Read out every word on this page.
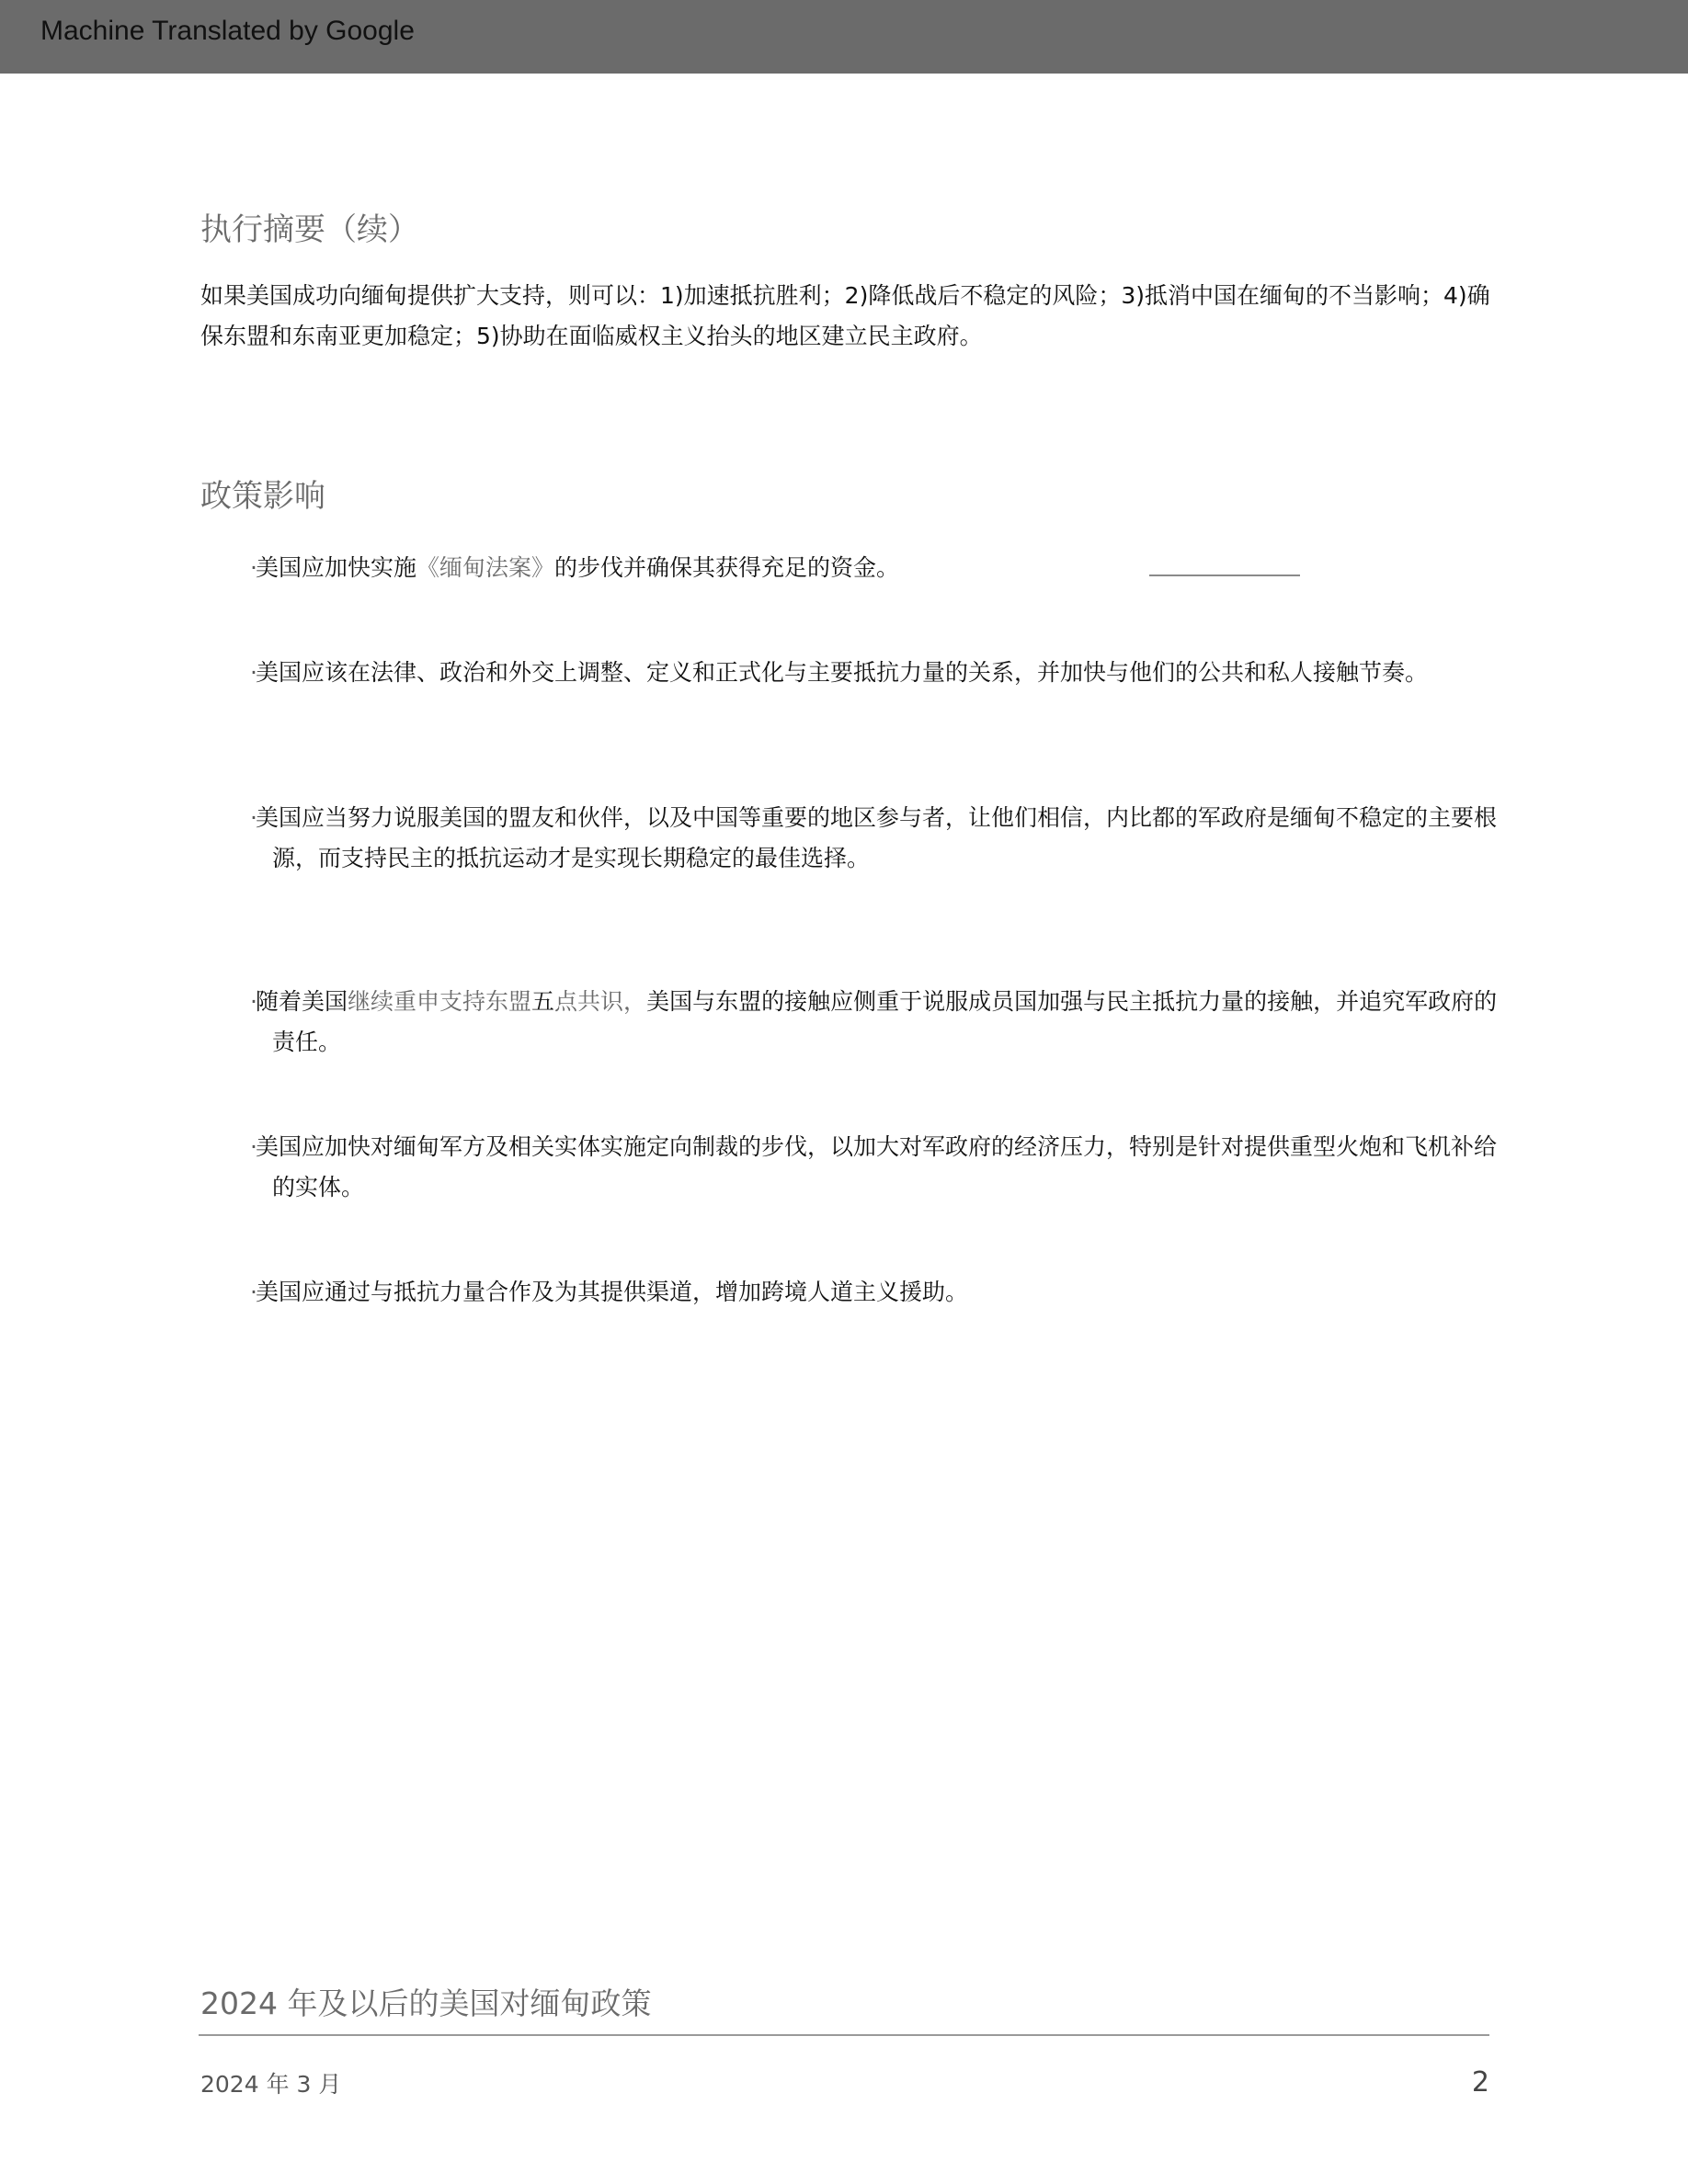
Machine Translated by Google
执行摘要（续）
如果美国成功向缅甸提供扩大支持，则可以：1)加速抵抗胜利；2)降低战后不稳定的风险；3)抵消中国在缅甸的不当影响；4)确保东盟和东南亚更加稳定；5)协助在面临威权主义抬头的地区建立民主政府。
政策影响
·美国应加快实施《缅甸法案》的步伐并确保其获得充足的资金。
·美国应该在法律、政治和外交上调整、定义和正式化与主要抵抗力量的关系，并加快与他们的公共和私人接触节奏。
·美国应当努力说服美国的盟友和伙伴，以及中国等重要的地区参与者，让他们相信，内比都的军政府是缅甸不稳定的主要根源，而支持民主的抵抗运动才是实现长期稳定的最佳选择。
·随着美国继续重申支持东盟五点共识，美国与东盟的接触应侧重于说服成员国加强与民主抵抗力量的接触，并追究军政府的责任。
·美国应加快对缅甸军方及相关实体实施定向制裁的步伐，以加大对军政府的经济压力，特别是针对提供重型火炮和飞机补给的实体。
·美国应通过与抵抗力量合作及为其提供渠道，增加跨境人道主义援助。
2024 年及以后的美国对缅甸政策
2024 年 3 月	2
